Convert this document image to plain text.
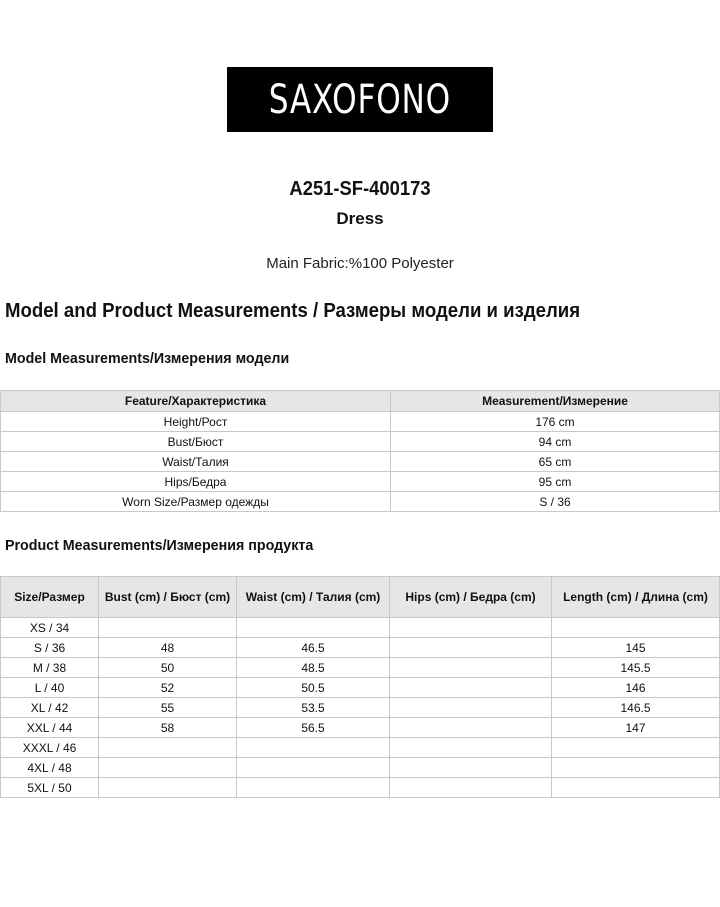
SAXOFONO
A251-SF-400173
Dress
Main Fabric:%100 Polyester
Model and Product Measurements / Размеры модели и изделия
Model Measurements/Измерения модели
Feature/Характеристика	Measurement/Измерение
Height/Рост	176 cm
Bust/Бюст	94 cm
Waist/Талия	65 cm
Hips/Бедра	95 cm
Worn Size/Размер одежды	S / 36
Product Measurements/Измерения продукта
Size/Размер	Bust (cm) / Бюст (cm)	Waist (cm) / Талия (cm)	Hips (cm) / Бедра (cm)	Length (cm) / Длина (cm)
XS / 34				
S / 36	48	46.5		145
M / 38	50	48.5		145.5
L / 40	52	50.5		146
XL / 42	55	53.5		146.5
XXL / 44	58	56.5		147
XXXL / 46				
4XL / 48				
5XL / 50				
